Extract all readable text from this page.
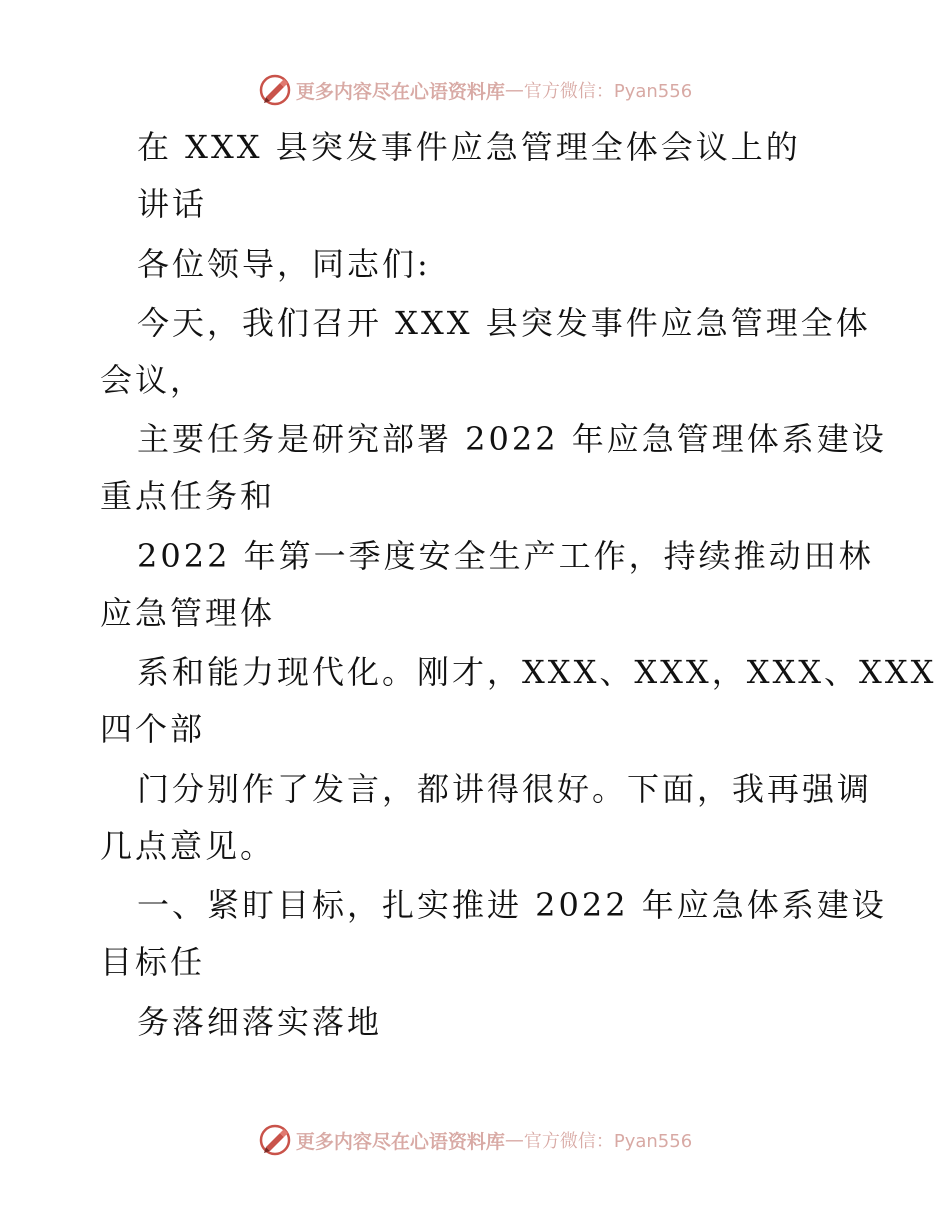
更多内容尽在心语资料库 — 官方微信：Pyan556
在 XXX 县突发事件应急管理全体会议上的
讲话
各位领导，同志们:
今天，我们召开 XXX 县突发事件应急管理全体
会议，
主要任务是研究部署 2022 年应急管理体系建设
重点任务和
2022 年第一季度安全生产工作，持续推动田林
应急管理体
系和能力现代化。刚才，XXX、XXX，XXX、XXX
四个部
门分别作了发言，都讲得很好。下面，我再强调
几点意见。
一、紧盯目标，扎实推进 2022 年应急体系建设
目标任
务落细落实落地
更多内容尽在心语资料库 — 官方微信：Pyan556
